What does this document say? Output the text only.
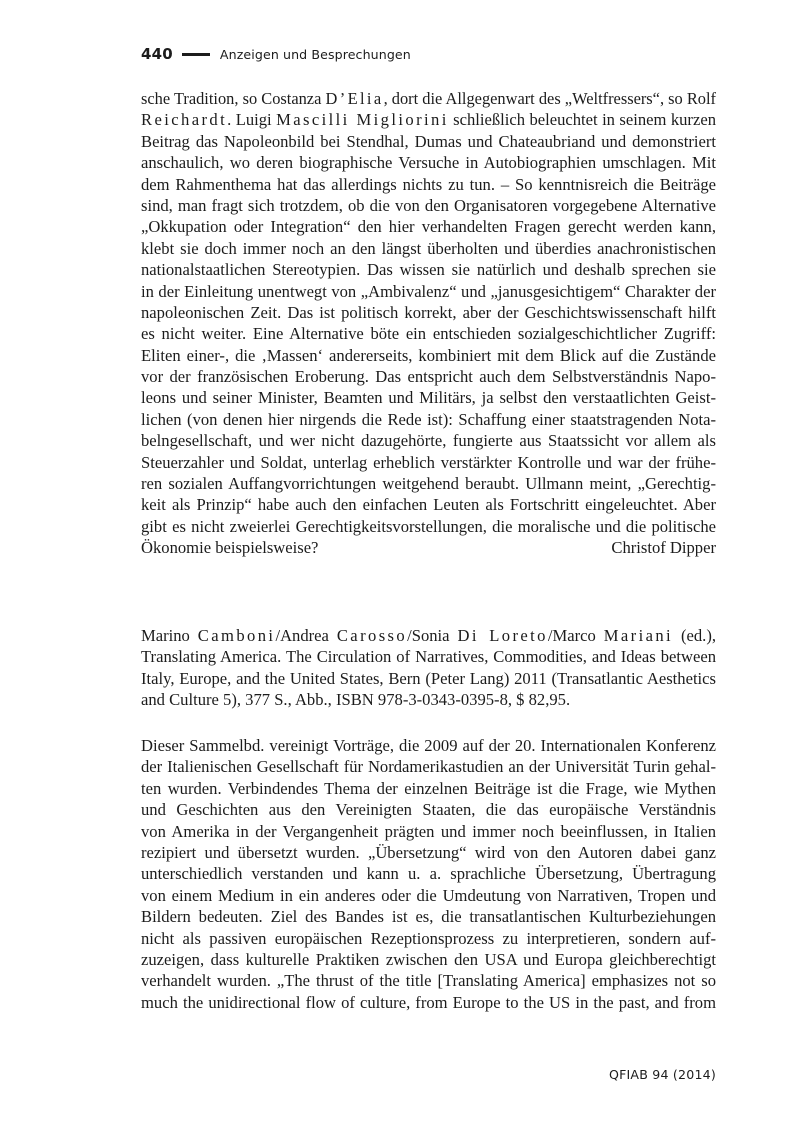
440	Anzeigen und Besprechungen
sche Tradition, so Costanza D’Elia, dort die Allgegenwart des „Weltfressers“, so Rolf
Reichardt. Luigi Mascilli Migliorini schließlich beleuchtet in seinem kurzen
Beitrag das Napoleonbild bei Stendhal, Dumas und Chateaubriand und demonstriert
anschaulich, wo deren biographische Versuche in Autobiographien umschlagen. Mit
dem Rahmenthema hat das allerdings nichts zu tun. – So kenntnisreich die Beiträge
sind, man fragt sich trotzdem, ob die von den Organisatoren vorgegebene Alternative
„Okkupation oder Integration“ den hier verhandelten Fragen gerecht werden kann,
klebt sie doch immer noch an den längst überholten und überdies anachronistischen
nationalstaatlichen Stereotypien. Das wissen sie natürlich und deshalb sprechen sie
in der Einleitung unentwegt von „Ambivalenz“ und „janusgesichtigem“ Charakter der
napoleonischen Zeit. Das ist politisch korrekt, aber der Geschichtswissenschaft hilft
es nicht weiter. Eine Alternative böte ein entschieden sozialgeschichtlicher Zugriff:
Eliten einer-, die ‚Massen‘ andererseits, kombiniert mit dem Blick auf die Zustände
vor der französischen Eroberung. Das entspricht auch dem Selbstverständnis Napo-
leons und seiner Minister, Beamten und Militärs, ja selbst den verstaatlichten Geist-
lichen (von denen hier nirgends die Rede ist): Schaffung einer staatstragenden Nota-
belngesellschaft, und wer nicht dazugehörte, fungierte aus Staatssicht vor allem als
Steuerzahler und Soldat, unterlag erheblich verstärkter Kontrolle und war der frühe-
ren sozialen Auffangvorrichtungen weitgehend beraubt. Ullmann meint, „Gerechtig-
keit als Prinzip“ habe auch den einfachen Leuten als Fortschritt eingeleuchtet. Aber
gibt es nicht zweierlei Gerechtigkeitsvorstellungen, die moralische und die politische
Ökonomie beispielsweise?	Christof Dipper
Marino Camboni/Andrea Carosso/Sonia Di Loreto/Marco Mariani (ed.),
Translating America. The Circulation of Narratives, Commodities, and Ideas between
Italy, Europe, and the United States, Bern (Peter Lang) 2011 (Transatlantic Aesthetics
and Culture 5), 377 S., Abb., ISBN 978-3-0343-0395-8, $ 82,95.
Dieser Sammelbd. vereinigt Vorträge, die 2009 auf der 20. Internationalen Konferenz
der Italienischen Gesellschaft für Nordamerikastudien an der Universität Turin gehal-
ten wurden. Verbindendes Thema der einzelnen Beiträge ist die Frage, wie Mythen
und Geschichten aus den Vereinigten Staaten, die das europäische Verständnis
von Amerika in der Vergangenheit prägten und immer noch beeinflussen, in Italien
rezipiert und übersetzt wurden. „Übersetzung“ wird von den Autoren dabei ganz
unterschiedlich verstanden und kann u. a. sprachliche Übersetzung, Übertragung
von einem Medium in ein anderes oder die Umdeutung von Narrativen, Tropen und
Bildern bedeuten. Ziel des Bandes ist es, die transatlantischen Kulturbeziehungen
nicht als passiven europäischen Rezeptionsprozess zu interpretieren, sondern auf-
zuzeigen, dass kulturelle Praktiken zwischen den USA und Europa gleichberechtigt
verhandelt wurden. „The thrust of the title [Translating America] emphasizes not so
much the unidirectional flow of culture, from Europe to the US in the past, and from
QFIAB 94 (2014)
